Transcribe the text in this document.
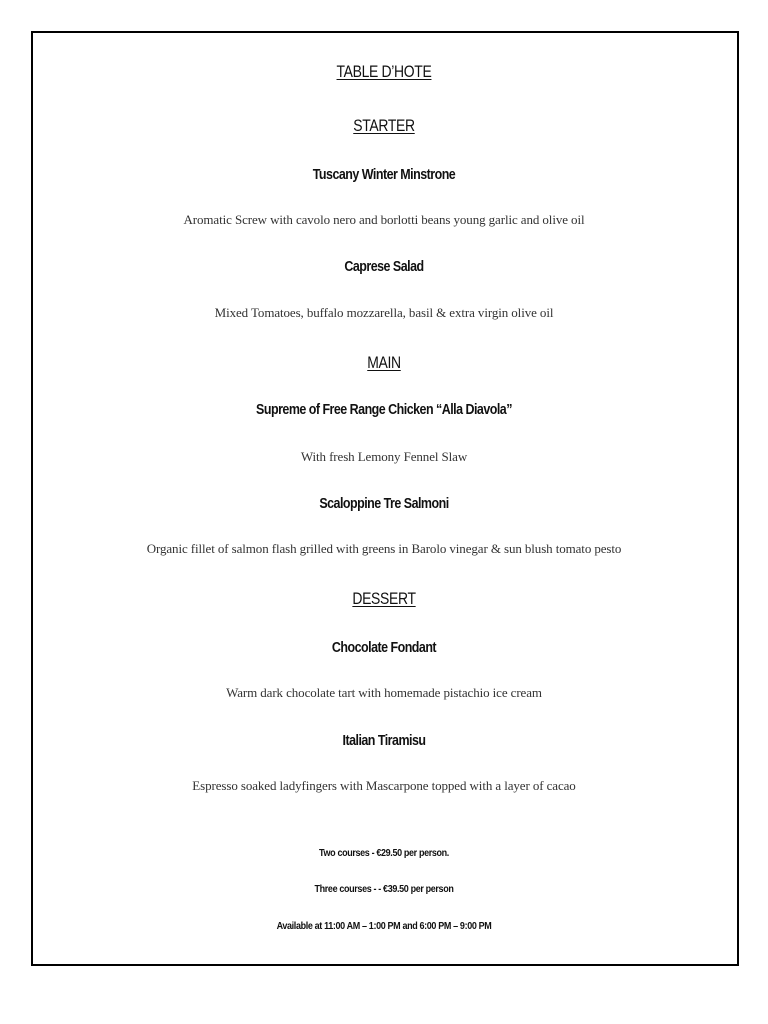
TABLE D’HOTE
STARTER
Tuscany Winter Minstrone
Aromatic Screw with cavolo nero and borlotti beans young garlic and olive oil
Caprese Salad
Mixed Tomatoes, buffalo mozzarella, basil & extra virgin olive oil
MAIN
Supreme of Free Range Chicken “Alla Diavola”
With fresh Lemony Fennel Slaw
Scaloppine Tre Salmoni
Organic fillet of salmon flash grilled with greens in Barolo vinegar & sun blush tomato pesto
DESSERT
Chocolate Fondant
Warm dark chocolate tart with homemade pistachio ice cream
Italian Tiramisu
Espresso soaked ladyfingers with Mascarpone topped with a layer of cacao
Two courses - €29.50 per person.
Three courses - - €39.50 per person
Available at 11:00 AM – 1:00 PM and 6:00 PM – 9:00 PM
